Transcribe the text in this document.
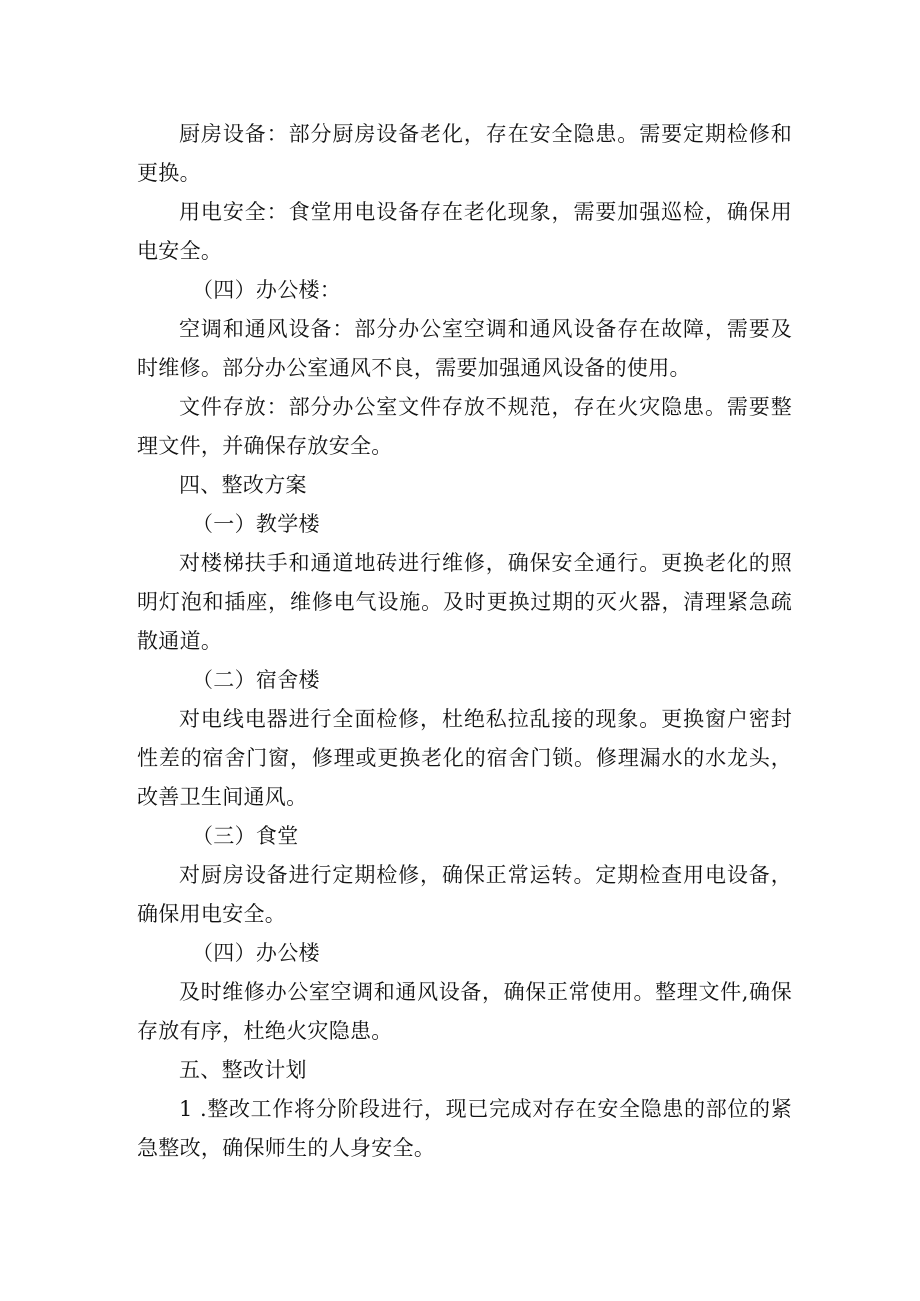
厨房设备：部分厨房设备老化，存在安全隐患。需要定期检修和更换。

用电安全：食堂用电设备存在老化现象，需要加强巡检，确保用电安全。

（四）办公楼：

空调和通风设备：部分办公室空调和通风设备存在故障，需要及时维修。部分办公室通风不良，需要加强通风设备的使用。

文件存放：部分办公室文件存放不规范，存在火灾隐患。需要整理文件，并确保存放安全。

四、整改方案

（一）教学楼

对楼梯扶手和通道地砖进行维修，确保安全通行。更换老化的照明灯泡和插座，维修电气设施。及时更换过期的灭火器，清理紧急疏散通道。

（二）宿舍楼

对电线电器进行全面检修，杜绝私拉乱接的现象。更换窗户密封性差的宿舍门窗，修理或更换老化的宿舍门锁。修理漏水的水龙头，改善卫生间通风。

（三）食堂

对厨房设备进行定期检修，确保正常运转。定期检查用电设备，确保用电安全。

（四）办公楼

及时维修办公室空调和通风设备，确保正常使用。整理文件,确保存放有序，杜绝火灾隐患。

五、整改计划

1 .整改工作将分阶段进行，现已完成对存在安全隐患的部位的紧急整改，确保师生的人身安全。
